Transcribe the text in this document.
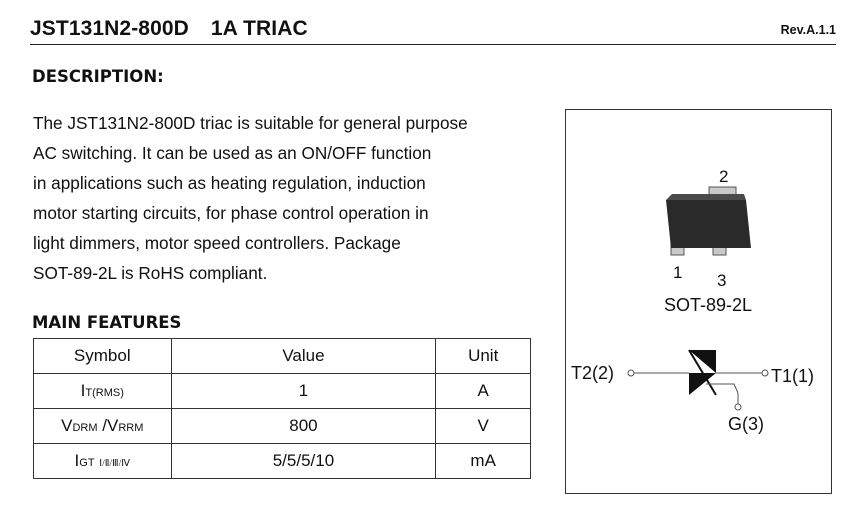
JST131N2-800D 1A TRIAC	Rev.A.1.1
DESCRIPTION:
The JST131N2-800D triac is suitable for general purpose
AC switching. It can be used as an ON/OFF function
in applications such as heating regulation, induction
motor starting circuits, for phase control operation in
light dimmers, motor speed controllers. Package
SOT-89-2L is RoHS compliant.
MAIN FEATURES
Symbol	Value	Unit
IT(RMS)	1	A
VDRM /VRRM	800	V
IGT Ⅰ/Ⅱ/Ⅲ/Ⅳ	5/5/5/10	mA
2
1 3
SOT-89-2L
T2(2)	T1(1)
G(3)
